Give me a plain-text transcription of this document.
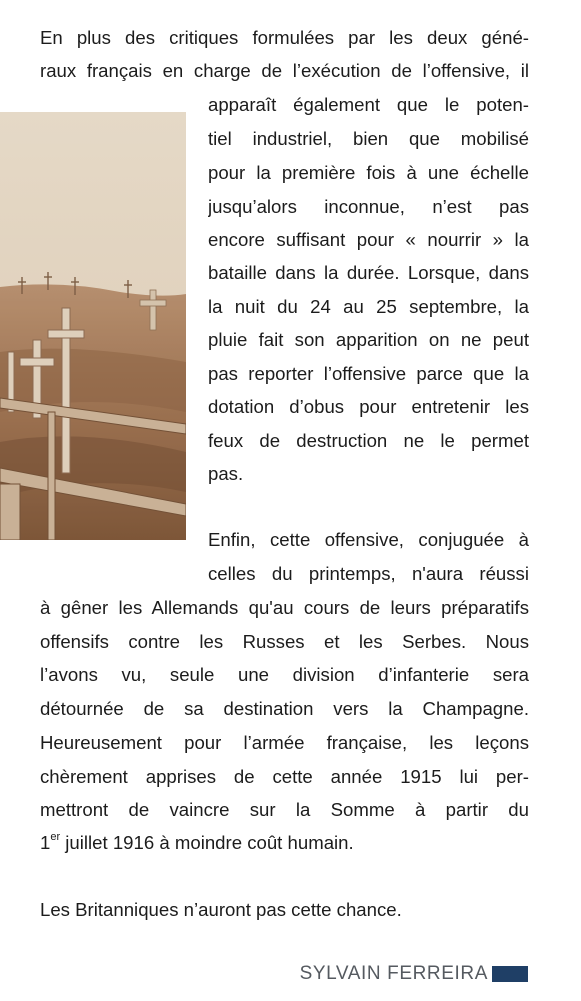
En plus des critiques formulées par les deux géné-

raux français en charge de l’exécution de l’offensive, il

apparaît également que le poten-

tiel industriel, bien que mobilisé

pour la première fois à une échelle

jusqu’alors inconnue, n’est pas

encore suffisant pour « nourrir » la

bataille dans la durée. Lorsque, dans

la nuit du 24 au 25 septembre, la

pluie fait son apparition on ne peut

pas reporter l’offensive parce que la

dotation d’obus pour entretenir les

feux de destruction ne le permet

pas.

Enfin, cette offensive, conjuguée à

celles du printemps, n'aura réussi

à gêner les Allemands qu'au cours de leurs préparatifs

offensifs contre les Russes et les Serbes. Nous

l’avons vu, seule une division d’infanterie sera

détournée de sa destination vers la Champagne.

Heureusement pour l’armée française, les leçons

chèrement apprises de cette année 1915 lui per-

mettront de vaincre sur la Somme à partir du

1er juillet 1916 à moindre coût humain.

Les Britanniques n’auront pas cette chance.

SYLVAIN FERREIRA
